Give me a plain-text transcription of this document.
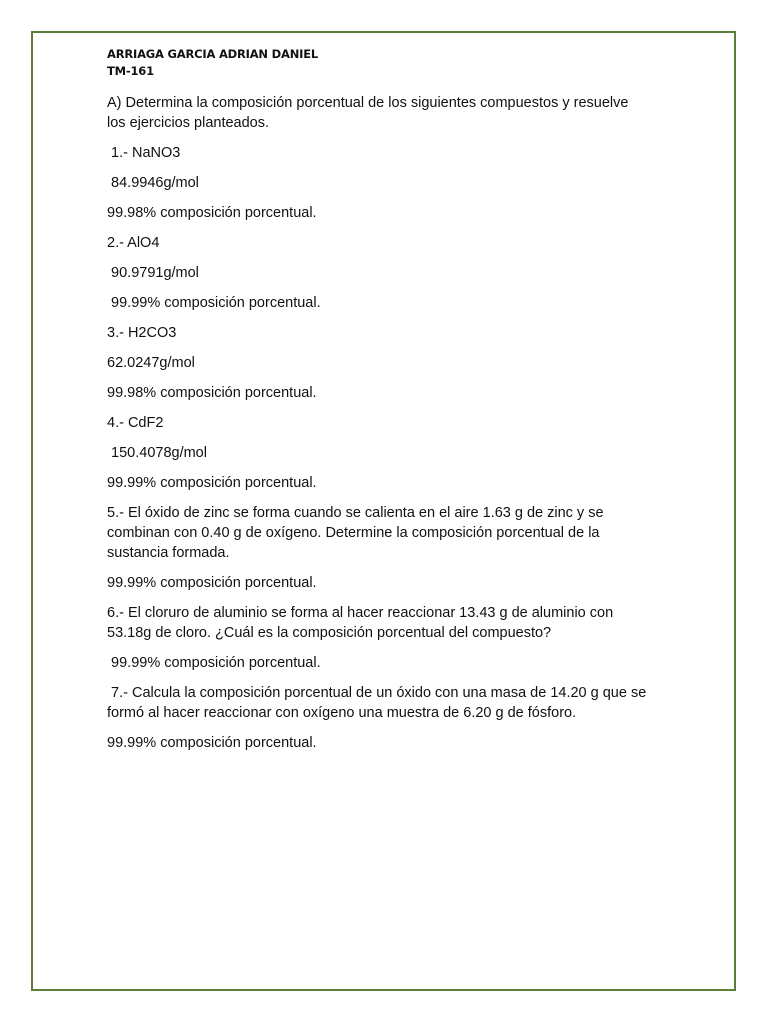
ARRIAGA GARCIA ADRIAN DANIEL
TM-161

A) Determina la composición porcentual de los siguientes compuestos y resuelve los ejercicios planteados.

1.- NaNO3

84.9946g/mol

99.98% composición porcentual.

2.- AlO4

90.9791g/mol

99.99% composición porcentual.

3.- H2CO3

62.0247g/mol

99.98% composición porcentual.

4.- CdF2

150.4078g/mol

99.99% composición porcentual.

5.- El óxido de zinc se forma cuando se calienta en el aire 1.63 g de zinc y se combinan con 0.40 g de oxígeno. Determine la composición porcentual de la sustancia formada.

99.99% composición porcentual.

6.- El cloruro de aluminio se forma al hacer reaccionar 13.43 g de aluminio con 53.18g de cloro. ¿Cuál es la composición porcentual del compuesto?

99.99% composición porcentual.

7.- Calcula la composición porcentual de un óxido con una masa de 14.20 g que se formó al hacer reaccionar con oxígeno una muestra de 6.20 g de fósforo.

99.99% composición porcentual.
